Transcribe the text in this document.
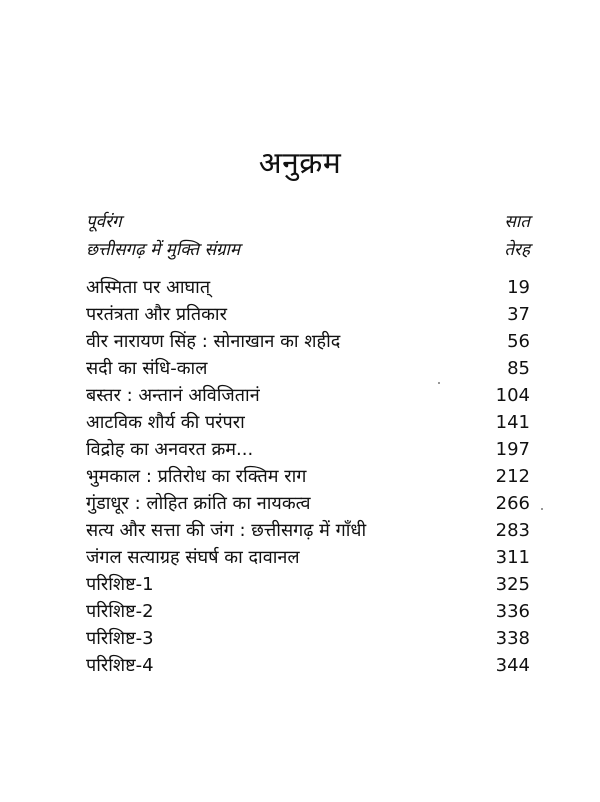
अनुक्रम
पूर्वरंग	सात
छत्तीसगढ़ में मुक्ति संग्राम	तेरह
अस्मिता पर आघात्	19
परतंत्रता और प्रतिकार	37
वीर नारायण सिंह : सोनाखान का शहीद	56
सदी का संधि-काल	85
बस्तर : अन्तानं अविजितानं	104
आटविक शौर्य की परंपरा	141
विद्रोह का अनवरत क्रम...	197
भुमकाल : प्रतिरोध का रक्तिम राग	212
गुंडाधूर : लोहित क्रांति का नायकत्व	266
सत्य और सत्ता की जंग : छत्तीसगढ़ में गाँधी	283
जंगल सत्याग्रह संघर्ष का दावानल	311
परिशिष्ट-1	325
परिशिष्ट-2	336
परिशिष्ट-3	338
परिशिष्ट-4	344
